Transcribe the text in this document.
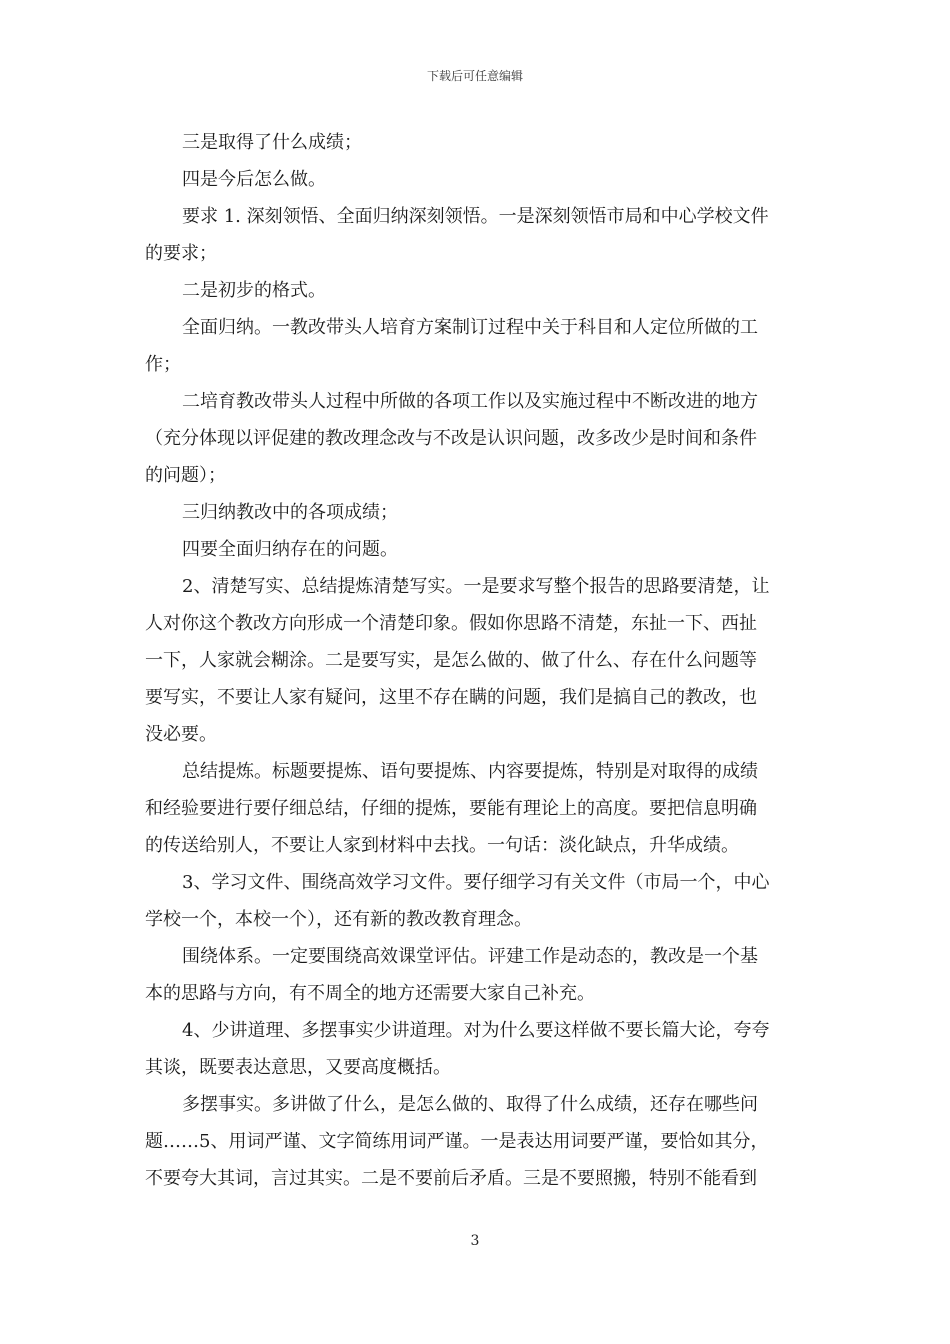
下载后可任意编辑
三是取得了什么成绩；
四是今后怎么做。
要求 1. 深刻领悟、全面归纳深刻领悟。一是深刻领悟市局和中心学校文件
的要求；
二是初步的格式。
全面归纳。一教改带头人培育方案制订过程中关于科目和人定位所做的工
作；
二培育教改带头人过程中所做的各项工作以及实施过程中不断改进的地方
（充分体现以评促建的教改理念改与不改是认识问题，改多改少是时间和条件
的问题）；
三归纳教改中的各项成绩；
四要全面归纳存在的问题。
2、清楚写实、总结提炼清楚写实。一是要求写整个报告的思路要清楚，让
人对你这个教改方向形成一个清楚印象。假如你思路不清楚，东扯一下、西扯
一下，人家就会糊涂。二是要写实，是怎么做的、做了什么、存在什么问题等
要写实，不要让人家有疑问，这里不存在瞒的问题，我们是搞自己的教改，也
没必要。
总结提炼。标题要提炼、语句要提炼、内容要提炼，特别是对取得的成绩
和经验要进行要仔细总结，仔细的提炼，要能有理论上的高度。要把信息明确
的传送给别人，不要让人家到材料中去找。一句话：淡化缺点，升华成绩。
3、学习文件、围绕高效学习文件。要仔细学习有关文件（市局一个，中心
学校一个，本校一个），还有新的教改教育理念。
围绕体系。一定要围绕高效课堂评估。评建工作是动态的，教改是一个基
本的思路与方向，有不周全的地方还需要大家自己补充。
4、少讲道理、多摆事实少讲道理。对为什么要这样做不要长篇大论，夸夸
其谈，既要表达意思，又要高度概括。
多摆事实。多讲做了什么，是怎么做的、取得了什么成绩，还存在哪些问
题……5、用词严谨、文字简练用词严谨。一是表达用词要严谨，要恰如其分，
不要夸大其词，言过其实。二是不要前后矛盾。三是不要照搬，特别不能看到
3
